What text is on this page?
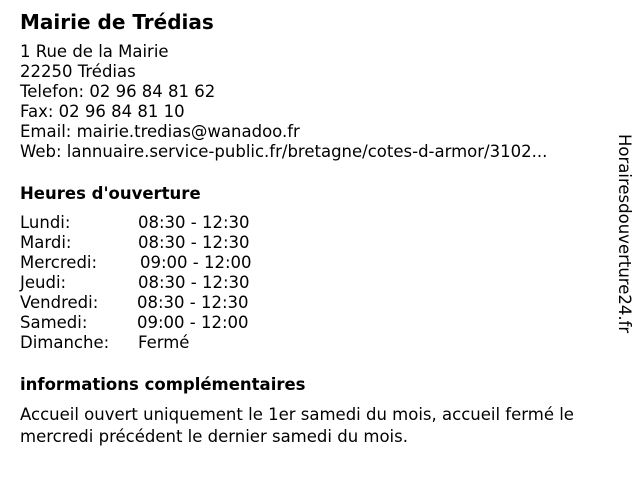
Mairie de Trédias
1 Rue de la Mairie
22250 Trédias
Telefon: 02 96 84 81 62
Fax: 02 96 84 81 10
Email: mairie.tredias@wanadoo.fr
Web: lannuaire.service-public.fr/bretagne/cotes-d-armor/3102...
Heures d'ouverture
Lundi:	08:30 - 12:30
Mardi:	08:30 - 12:30
Mercredi:	09:00 - 12:00
Jeudi:	08:30 - 12:30
Vendredi:	08:30 - 12:30
Samedi:	09:00 - 12:00
Dimanche:	Fermé
informations complémentaires
Accueil ouvert uniquement le 1er samedi du mois, accueil fermé le mercredi précédent le dernier samedi du mois.
Horairesdouverture24.fr
